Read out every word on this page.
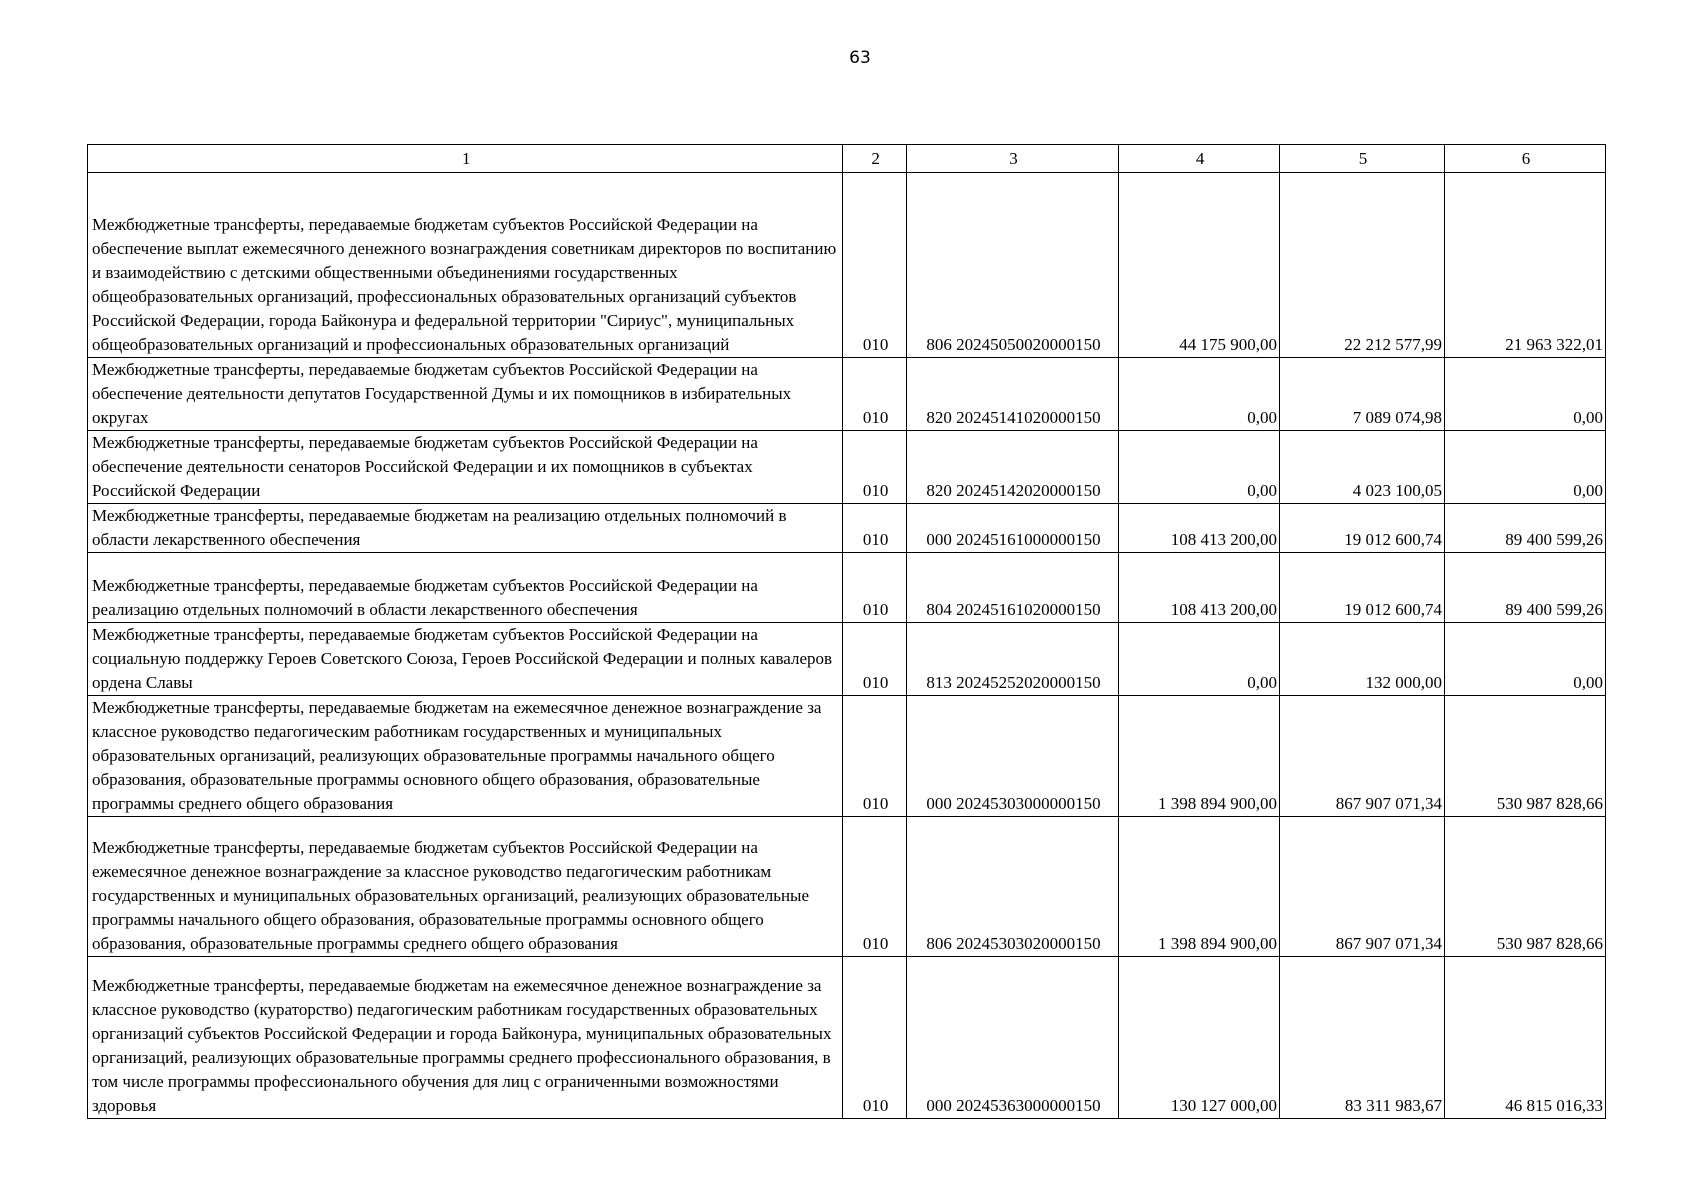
63
1	2	3	4	5	6
Межбюджетные трансферты, передаваемые бюджетам субъектов Российской Федерации на обеспечение выплат ежемесячного денежного вознаграждения советникам директоров по воспитанию и взаимодействию с детскими общественными объединениями государственных общеобразовательных организаций, профессиональных образовательных организаций субъектов Российской Федерации, города Байконура и федеральной территории "Сириус", муниципальных общеобразовательных организаций и профессиональных образовательных организаций	010	806 20245050020000150	44 175 900,00	22 212 577,99	21 963 322,01
Межбюджетные трансферты, передаваемые бюджетам субъектов Российской Федерации на обеспечение деятельности депутатов Государственной Думы и их помощников в избирательных округах	010	820 20245141020000150	0,00	7 089 074,98	0,00
Межбюджетные трансферты, передаваемые бюджетам субъектов Российской Федерации на обеспечение деятельности сенаторов Российской Федерации и их помощников в субъектах Российской Федерации	010	820 20245142020000150	0,00	4 023 100,05	0,00
Межбюджетные трансферты, передаваемые бюджетам на реализацию отдельных полномочий в области лекарственного обеспечения	010	000 20245161000000150	108 413 200,00	19 012 600,74	89 400 599,26
Межбюджетные трансферты, передаваемые бюджетам субъектов Российской Федерации на реализацию отдельных полномочий в области лекарственного обеспечения	010	804 20245161020000150	108 413 200,00	19 012 600,74	89 400 599,26
Межбюджетные трансферты, передаваемые бюджетам субъектов Российской Федерации на социальную поддержку Героев Советского Союза, Героев Российской Федерации и полных кавалеров ордена Славы	010	813 20245252020000150	0,00	132 000,00	0,00
Межбюджетные трансферты, передаваемые бюджетам на ежемесячное денежное вознаграждение за классное руководство педагогическим работникам государственных и муниципальных образовательных организаций, реализующих образовательные программы начального общего образования, образовательные программы основного общего образования, образовательные программы среднего общего образования	010	000 20245303000000150	1 398 894 900,00	867 907 071,34	530 987 828,66
Межбюджетные трансферты, передаваемые бюджетам субъектов Российской Федерации на ежемесячное денежное вознаграждение за классное руководство педагогическим работникам государственных и муниципальных образовательных организаций, реализующих образовательные программы начального общего образования, образовательные программы основного общего образования, образовательные программы среднего общего образования	010	806 20245303020000150	1 398 894 900,00	867 907 071,34	530 987 828,66
Межбюджетные трансферты, передаваемые бюджетам на ежемесячное денежное вознаграждение за классное руководство (кураторство) педагогическим работникам государственных образовательных организаций субъектов Российской Федерации и города Байконура, муниципальных образовательных организаций, реализующих образовательные программы среднего профессионального образования, в том числе программы профессионального обучения для лиц с ограниченными возможностями здоровья	010	000 20245363000000150	130 127 000,00	83 311 983,67	46 815 016,33
